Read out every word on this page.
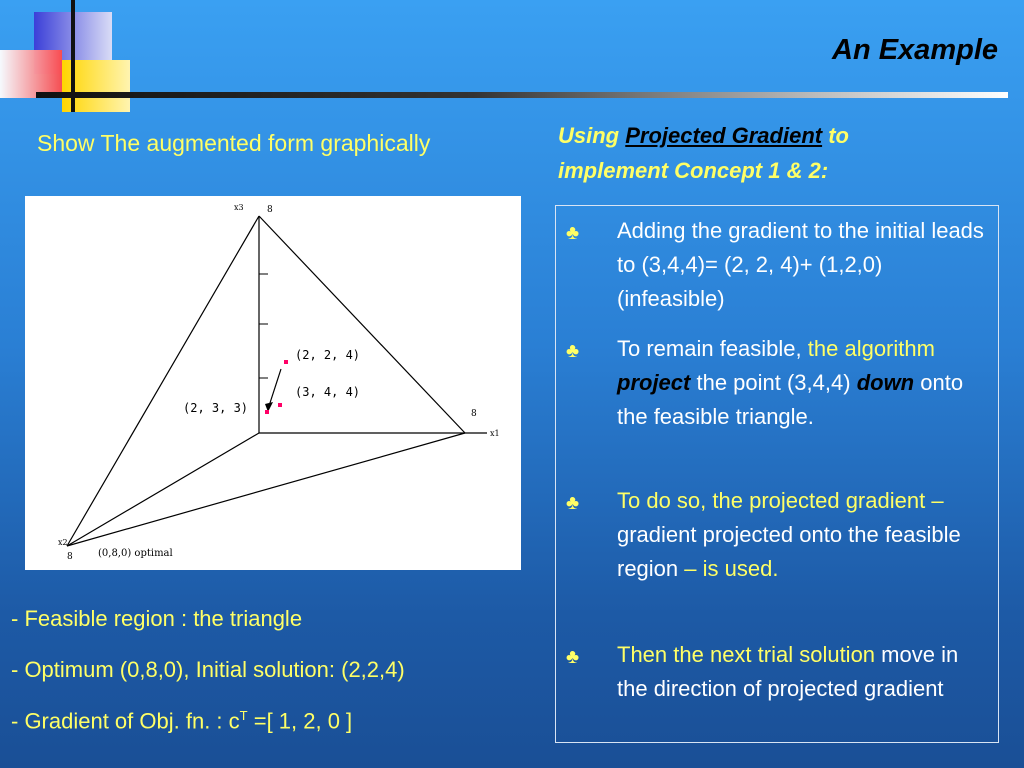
An Example
Show The augmented form graphically
x3	8
x1
8
x2
8
(2, 2, 4)
(3, 4, 4)
(2, 3, 3)
(0,8,0) optimal
- Feasible region : the triangle
- Optimum (0,8,0), Initial solution: (2,2,4)
- Gradient of Obj. fn. : $c^T$ =[ 1, 2, 0 ]
Using Projected Gradient to
implement Concept 1 & 2:
♣ Adding the gradient to the initial leads to (3,4,4)= (2, 2, 4)+ (1,2,0) (infeasible)
♣ To remain feasible, the algorithm project the point (3,4,4) down onto the feasible triangle.
♣ To do so, the projected gradient – gradient projected onto the feasible region – is used.
♣ Then the next trial solution move in the direction of projected gradient
